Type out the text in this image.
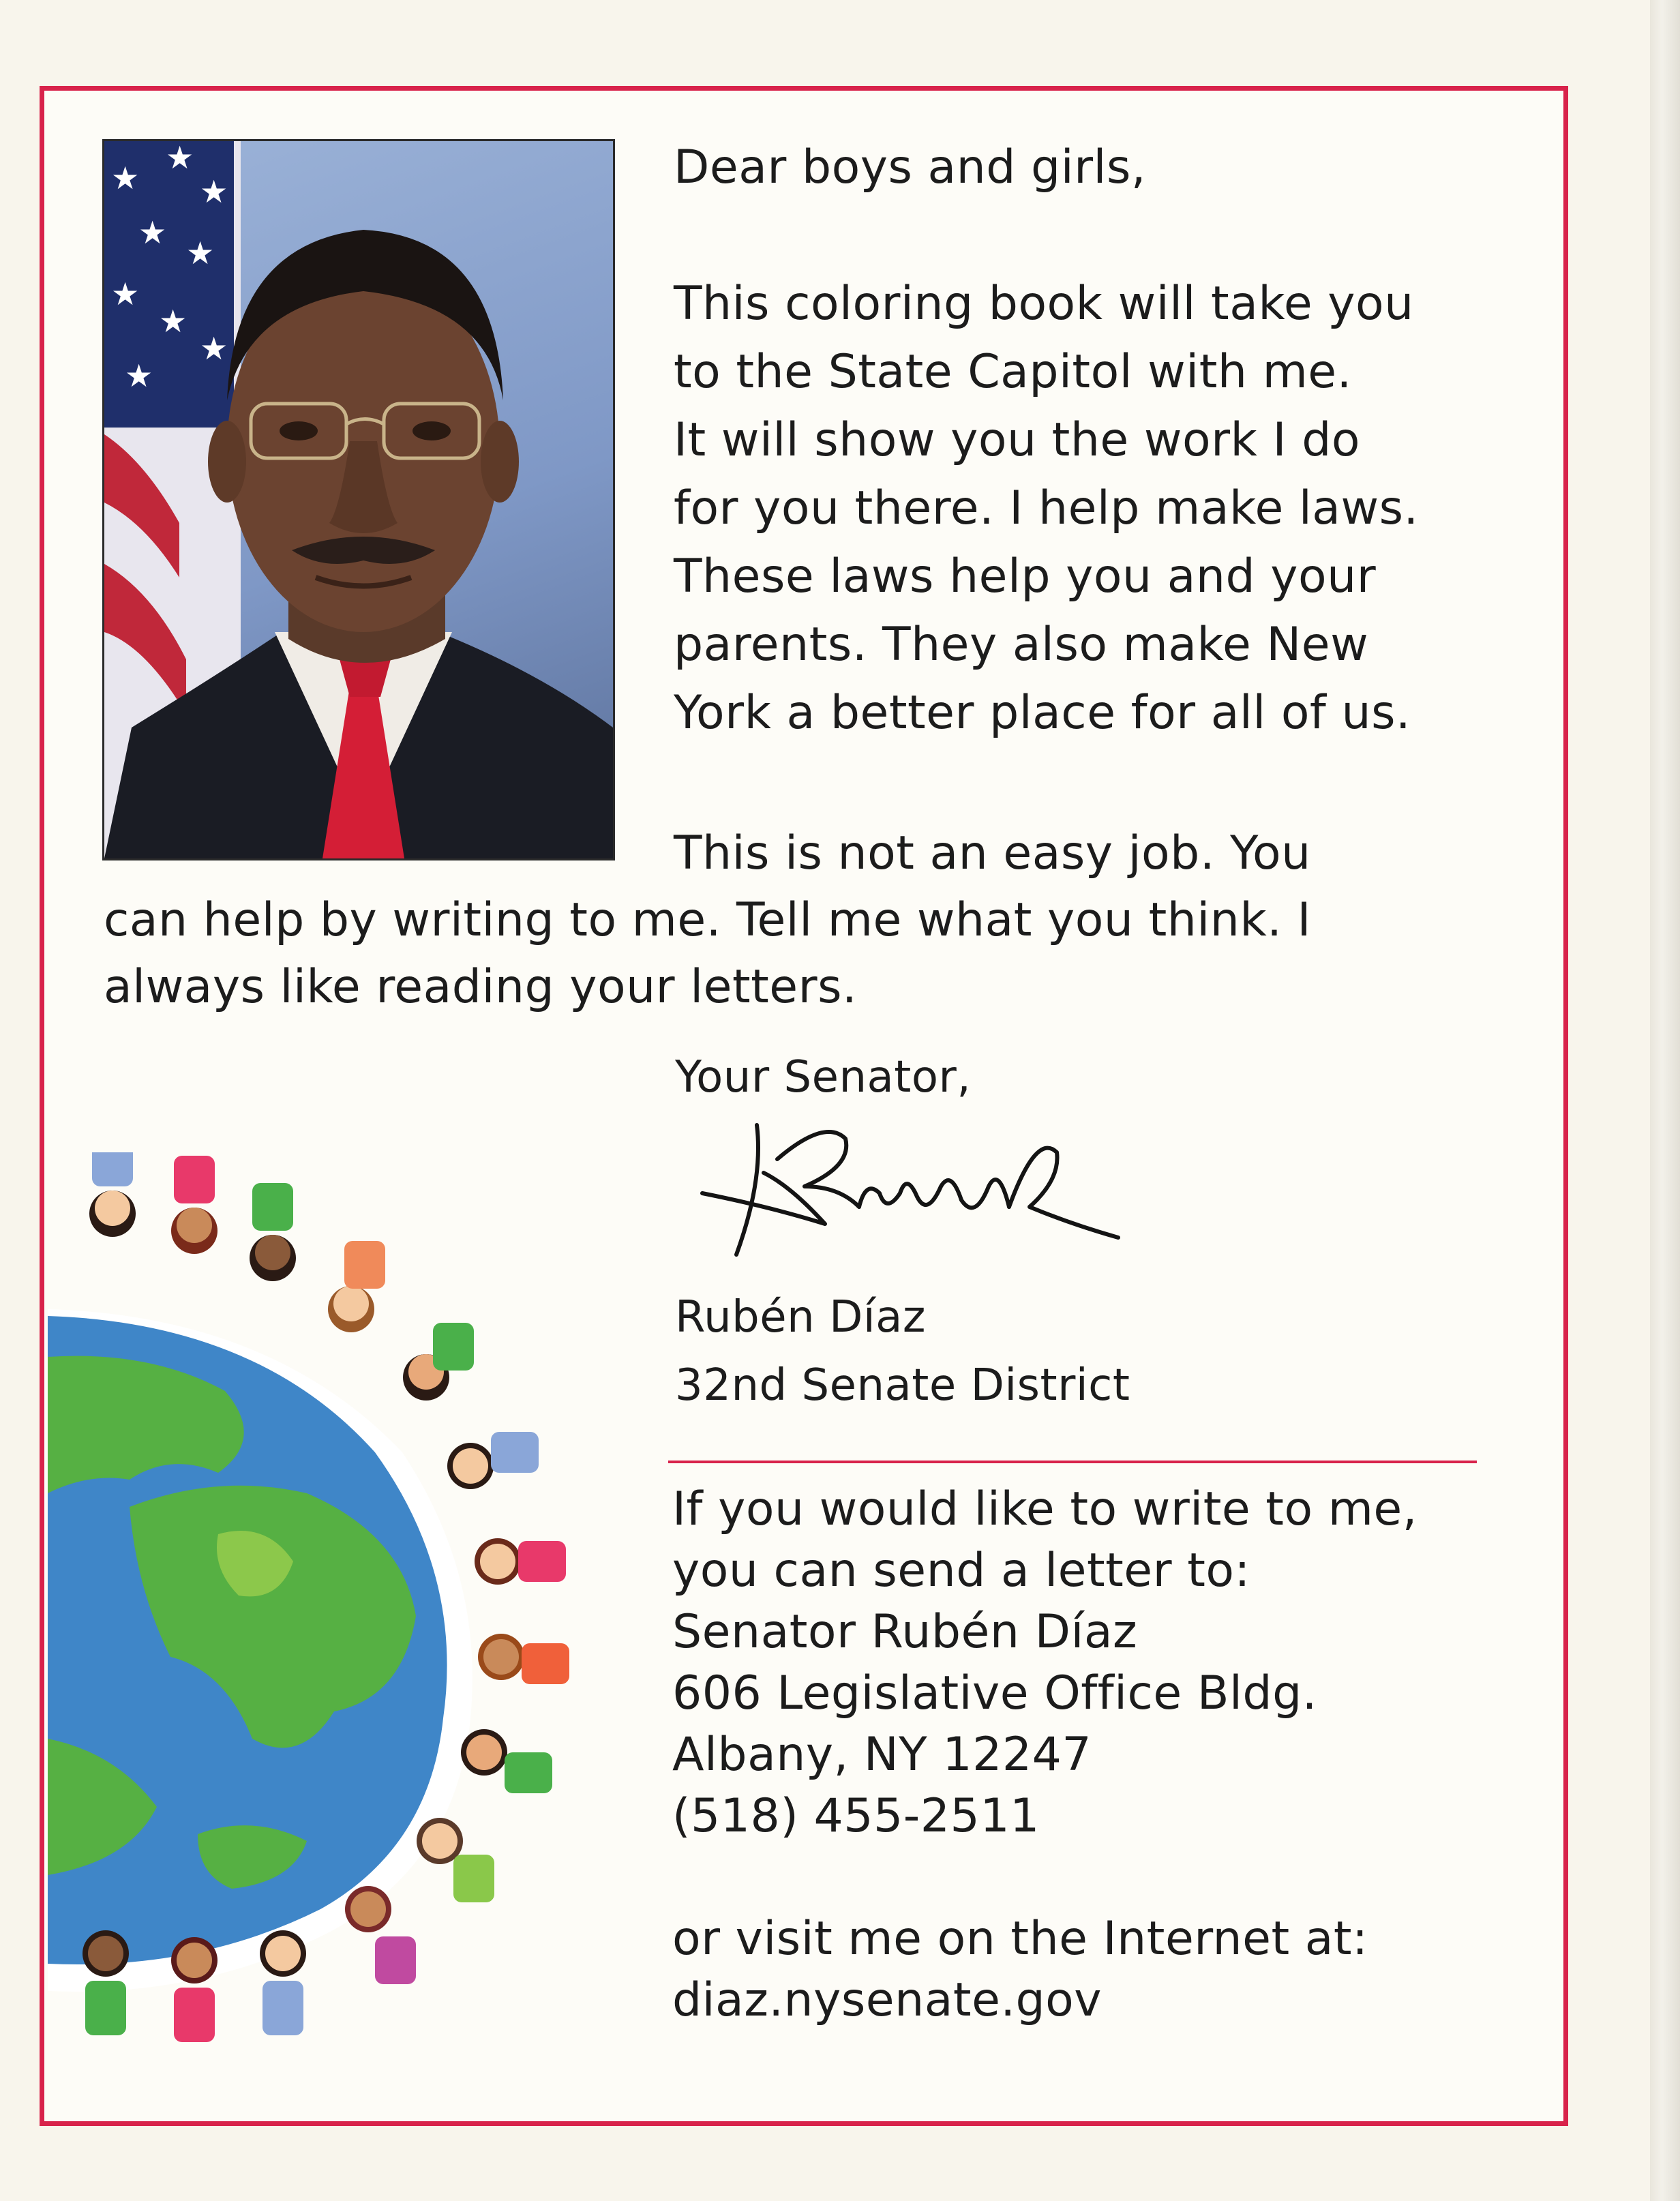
★
★
★
★
★
★
★
★
★

Dear boys and girls,

This coloring book will take you

to the State Capitol with me.

It will show you the work I do

for you there. I help make laws.

These laws help you and your

parents. They also make New

York a better place for all of us.

This is not an easy job. You

can help by writing to me. Tell me what you think. I

always like reading your letters.

Your Senator,

Rubén Díaz

32nd Senate District

If you would like to write to me,

you can send a letter to:

Senator Rubén Díaz

606 Legislative Office Bldg.

Albany, NY 12247

(518) 455-2511

or visit me on the Internet at:

diaz.nysenate.gov
